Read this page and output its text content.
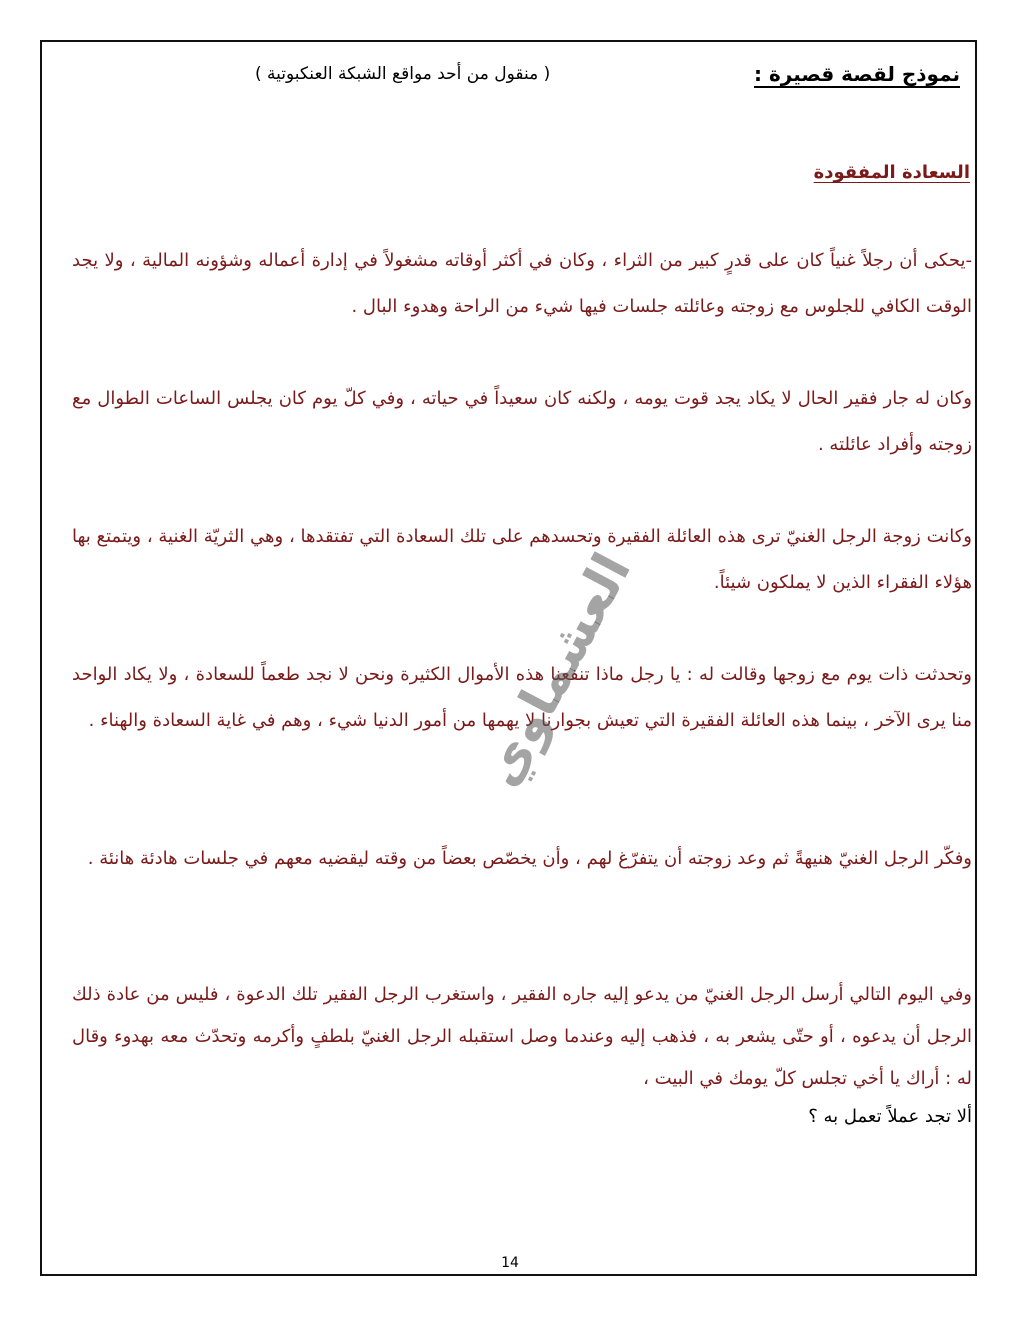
نموذج لقصة قصيرة :
( منقول من أحد مواقع الشبكة العنكبوتية )
السعادة المفقودة

-يحكى أن رجلاً غنياً كان على قدرٍ كبير من الثراء ، وكان في أكثر أوقاته مشغولاً في إدارة أعماله وشؤونه المالية ، ولا يجد الوقت الكافي للجلوس مع زوجته وعائلته جلسات فيها شيء من الراحة وهدوء البال .

وكان له جار فقير الحال لا يكاد يجد قوت يومه ، ولكنه كان سعيداً في حياته ، وفي كلّ يوم كان يجلس الساعات الطوال مع زوجته وأفراد عائلته .

وكانت زوجة الرجل الغنيّ ترى هذه العائلة الفقيرة وتحسدهم على تلك السعادة التي تفتقدها ، وهي الثريّة الغنية ، ويتمتع بها هؤلاء الفقراء الذين لا يملكون شيئاً.

وتحدثت ذات يوم مع زوجها وقالت له : يا رجل ماذا تنفعنا هذه الأموال الكثيرة ونحن لا نجد طعماً للسعادة ، ولا يكاد الواحد منا يرى الآخر ، بينما هذه العائلة الفقيرة التي تعيش بجوارنا لا يهمها من أمور الدنيا شيء ، وهم في غاية السعادة والهناء .

وفكّر الرجل الغنيّ هنيهةً ثم وعد زوجته أن يتفرّغ لهم ، وأن يخصّص بعضاً من وقته ليقضيه معهم في جلسات هادئة هانئة .

وفي اليوم التالي أرسل الرجل الغنيّ من يدعو إليه جاره الفقير ، واستغرب الرجل الفقير تلك الدعوة ، فليس من عادة ذلك الرجل أن يدعوه ، أو حتّى يشعر به ، فذهب إليه وعندما وصل استقبله الرجل الغنيّ بلطفٍ وأكرمه وتحدّث معه بهدوء وقال له : أراك يا أخي تجلس كلّ يومك في البيت ،

ألا تجد عملاً تعمل به ؟

العشماوي
14
